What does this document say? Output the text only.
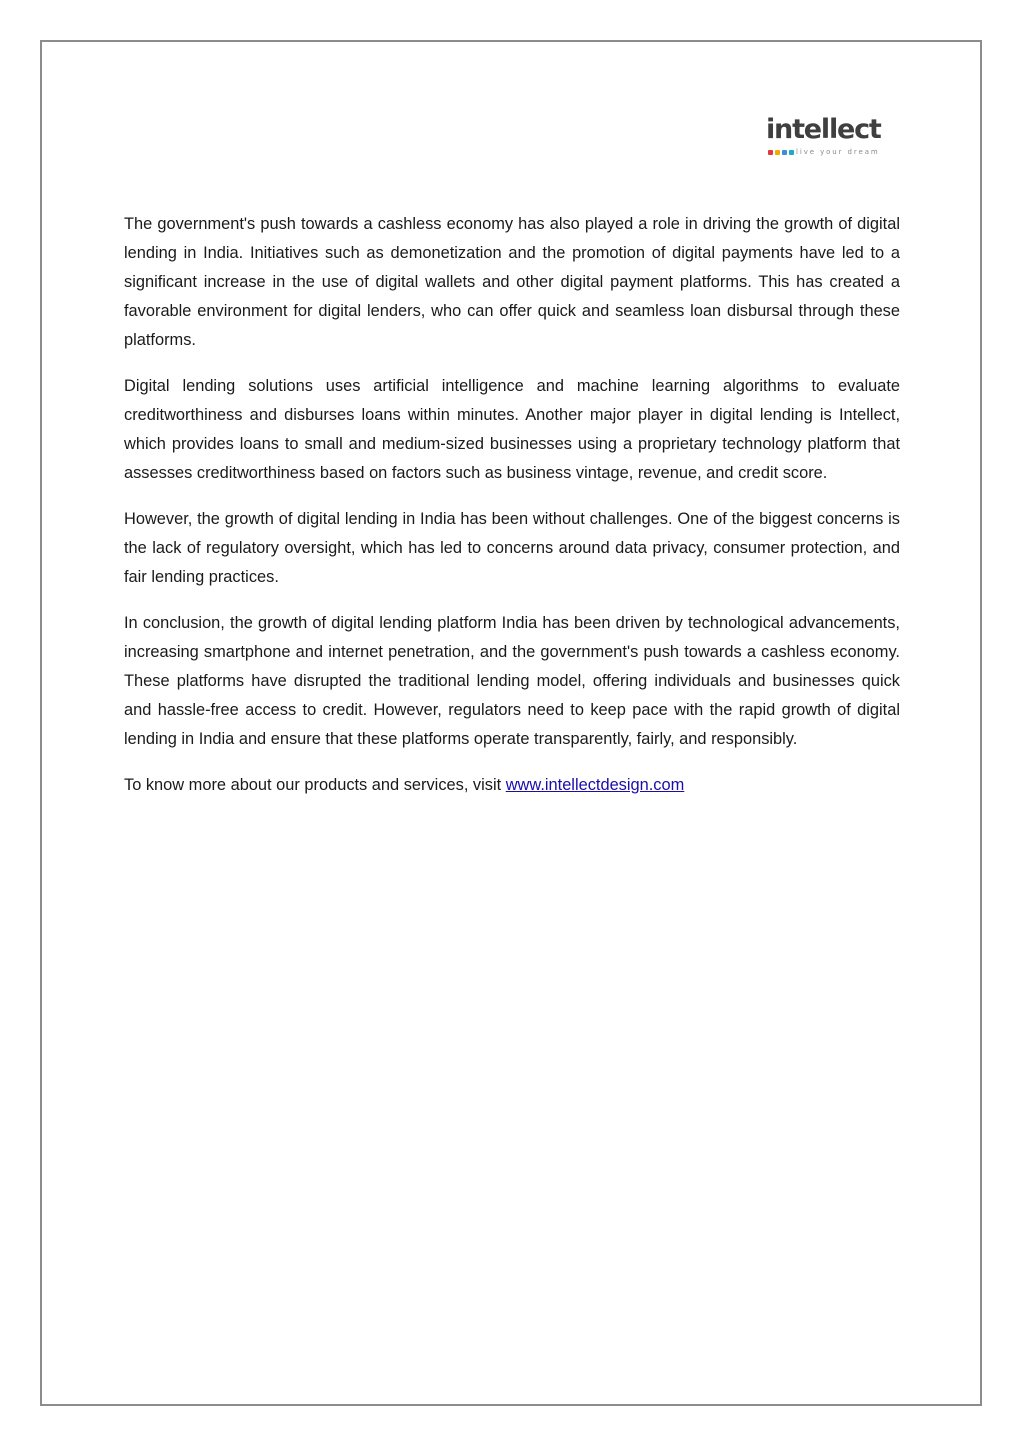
intellect
live your dream

The government's push towards a cashless economy has also played a role in driving the growth of digital lending in India. Initiatives such as demonetization and the promotion of digital payments have led to a significant increase in the use of digital wallets and other digital payment platforms. This has created a favorable environment for digital lenders, who can offer quick and seamless loan disbursal through these platforms.

Digital lending solutions uses artificial intelligence and machine learning algorithms to evaluate creditworthiness and disburses loans within minutes. Another major player in digital lending is Intellect, which provides loans to small and medium-sized businesses using a proprietary technology platform that assesses creditworthiness based on factors such as business vintage, revenue, and credit score.

However, the growth of digital lending in India has been without challenges. One of the biggest concerns is the lack of regulatory oversight, which has led to concerns around data privacy, consumer protection, and fair lending practices.

In conclusion, the growth of digital lending platform India has been driven by technological advancements, increasing smartphone and internet penetration, and the government's push towards a cashless economy. These platforms have disrupted the traditional lending model, offering individuals and businesses quick and hassle-free access to credit. However, regulators need to keep pace with the rapid growth of digital lending in India and ensure that these platforms operate transparently, fairly, and responsibly.

To know more about our products and services, visit www.intellectdesign.com
